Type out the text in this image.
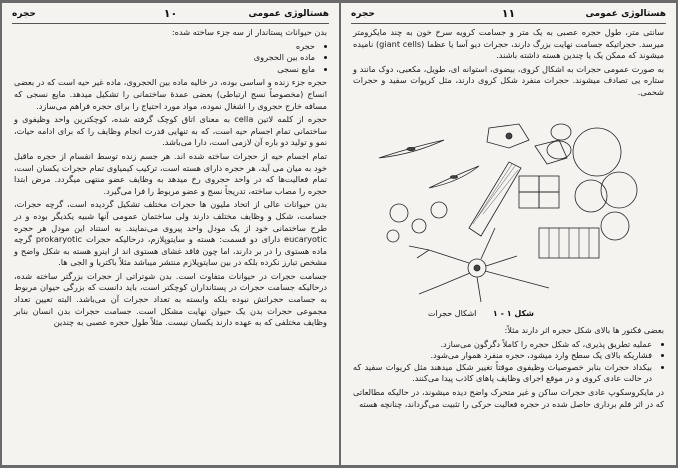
هستالوژی عمومی
۱۰
حجره

بدن حیوانات پستاندار از سه جزء ساخته شده:

• حجره
• ماده بین الحجروی
• مایع نسجی

حجره جزء زنده و اساسی بوده، در خالیه ماده بین الحجروی، ماده غیر حیه است که در بعضی انساج (مخصوصاً نسج ارتباطی) بعضی عمدهٔ ساختمانی را تشکیل میدهد. مایع نسجی که مسافه خارج حجروی را اشغال نموده، مواد مورد احتیاج را برای حجره فراهم می‌سازد.

حجره از کلمه لاتین cella به معنای اتاق کوچک گرفته شده، کوچکترین واحد وظیفوی و ساختمانی تمام اجسام حیه است، که به تنهایی قدرت انجام وظایف را که برای ادامه حیات، نمو و تولید دو باره آن لازمی است، دارا می‌باشد.

تمام اجسام حیه از حجرات ساخته شده اند. هر جسم زنده توسط انقسام از حجره ماقبل خود به میان می آید، هر حجره دارای هسته است، ترکیب کیمیاوی تمام حجرات یکسان است، تمام فعالیت‌ها که در واحد حجروی رخ میدهد به وظایف عضو منتهی میگردد. مرض ابتدا حجره را مصاب ساخته، تدریجاً نسج و عضو مربوط را فرا می‌گیرد.

بدن حیوانات عالی از اتحاد ملیون ها حجرات مختلف تشکیل گردیده است، گرچه حجرات، جسامت، شکل و وظایف مختلف دارند ولی ساختمان عمومی آنها شبیه یکدیگر بوده و در طرح ساختمانی خود از یک مودل واحد پیروی می‌نمایند. به استناد این مودل هر حجره eucaryotic دارای دو قسمت: هسته و سایتوپلازم، درحالیکه حجرات prokaryotic گرچه ماده هستوی را در بر دارند، اما چون فاقد غشای هستوی اند از اینرو هسته به شکل واضح و مشخص تبارز نکرده بلکه در بین سایتوپلازم منتشر میباشد مثلاً باکتریا و الجی ها.

جسامت حجرات در حیوانات متفاوت است. بدن شوتراتی از حجرات بزرگتر ساخته شده، درحالیکه جسامت حجرات در پستانداران کوچکتر است، باید دانست که بزرگی حیوان مربوط به جسامت حجراتش نبوده بلکه وابسته به تعداد حجرات آن می‌باشد. البته تعیین تعداد مجموعی حجرات بدن یک حیوان نهایت مشکل است. جسامت حجرات بدن انسان بنابر وظایف مختلفی که به عهده دارند یکسان نیست. مثلاً طول حجره عصبی به چندین

هستالوژی عمومی
۱۱
حجره

سانتی متر، طول حجره عصبی به یک متر و جسامت کرویه سرخ خون به چند مایکرومتر میرسد. حجراتیکه جسامت نهایت بزرگ دارند، حجرات دیو آسا یا عظما (giant cells) نامیده میشوند که ممکن یک یا چندین هسته داشته باشند.

به صورت عمومی حجرات به اشکال کروی، بیضوی، استوانه ای، طویل، مکعبی، دوک مانند و ستاره یی تصادف میشوند. حجرات منفرد شکل کروی دارند، مثل کریوات سفید و حجرات شحمی.

شکل ۱ - ۱ اشکال حجرات

بعضی فکتور ها بالای شکل حجره اثر دارند مثلاً:

• عملیه تطریق پذیری، که شکل حجره را کاملاً دگرگون می‌سازد.
• فشاریکه بالای یک سطح وارد میشود، حجره منفرد هموار می‌شود.
• بیکداد حجرات بنابر خصوصیات وظیفوی موقتاً تغییر شکل میدهند مثل کریوات سفید که در حالت عادی کروی و در موقع اجرای وظایف پاهای کاذب پیدا می‌کنند.

در مایکروسکوپ عادی حجرات ساکن و غیر متحرک واضح دیده میشوند، در حالیکه مطالعاتی که در اثر فلم برداری حاصل شده در حجره فعالیت حرکی را تثبیت می‌گرداند، چنانچه هسته
